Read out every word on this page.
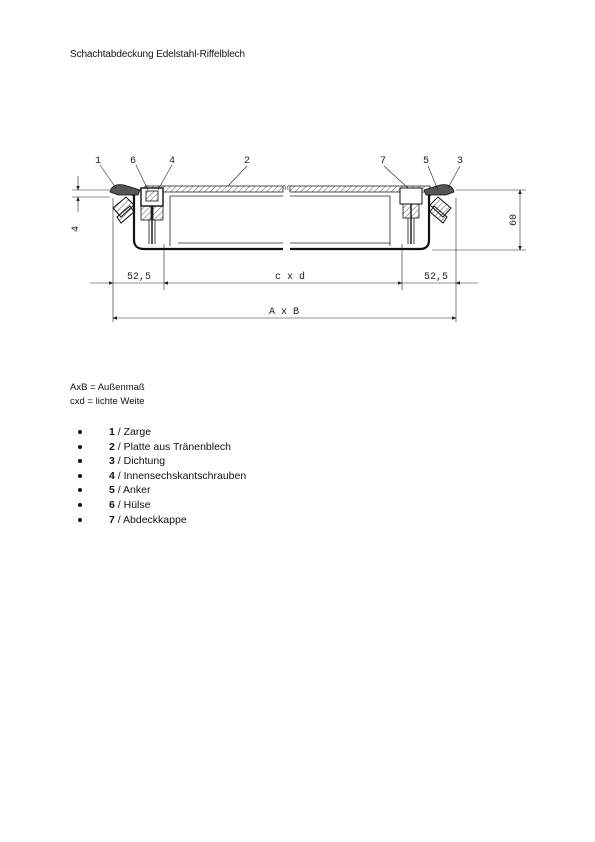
Schachtabdeckung Edelstahl-Riffelblech
1	6	4	2	7	5	3
4
60
52,5	c x d	52,5
A x B
AxB = Außenmaß
cxd = lichte Weite
1 / Zarge
2 / Platte aus Tränenblech
3 / Dichtung
4 / Innensechskantschrauben
5 / Anker
6 / Hülse
7 / Abdeckkappe
